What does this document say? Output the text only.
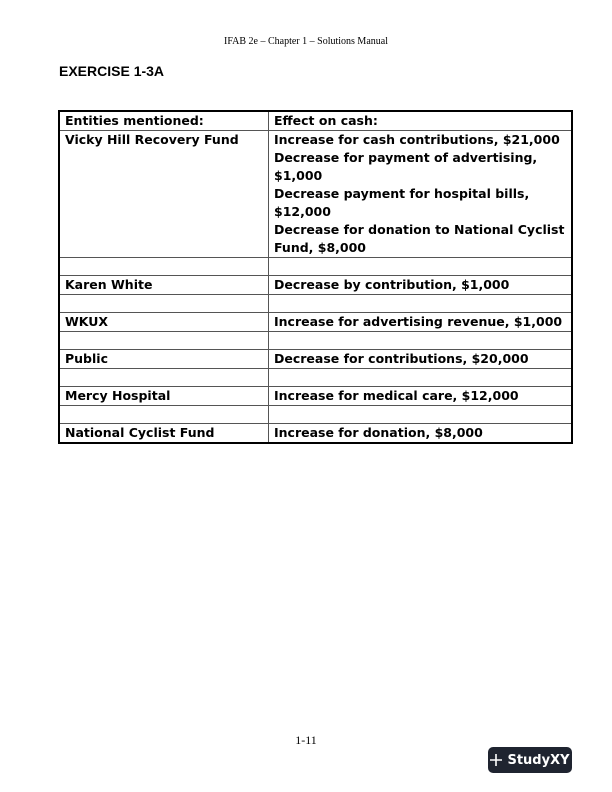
IFAB 2e – Chapter 1 – Solutions Manual
EXERCISE 1-3A
Entities mentioned:	Effect on cash:
Vicky Hill Recovery Fund	Increase for cash contributions, $21,000
Decrease for payment of advertising, $1,000
Decrease payment for hospital bills, $12,000
Decrease for donation to National Cyclist
Fund, $8,000

Karen White	Decrease by contribution, $1,000

WKUX	Increase for advertising revenue, $1,000

Public	Decrease for contributions, $20,000

Mercy Hospital	Increase for medical care, $12,000

National Cyclist Fund	Increase for donation, $8,000
1-11
StudyXY
